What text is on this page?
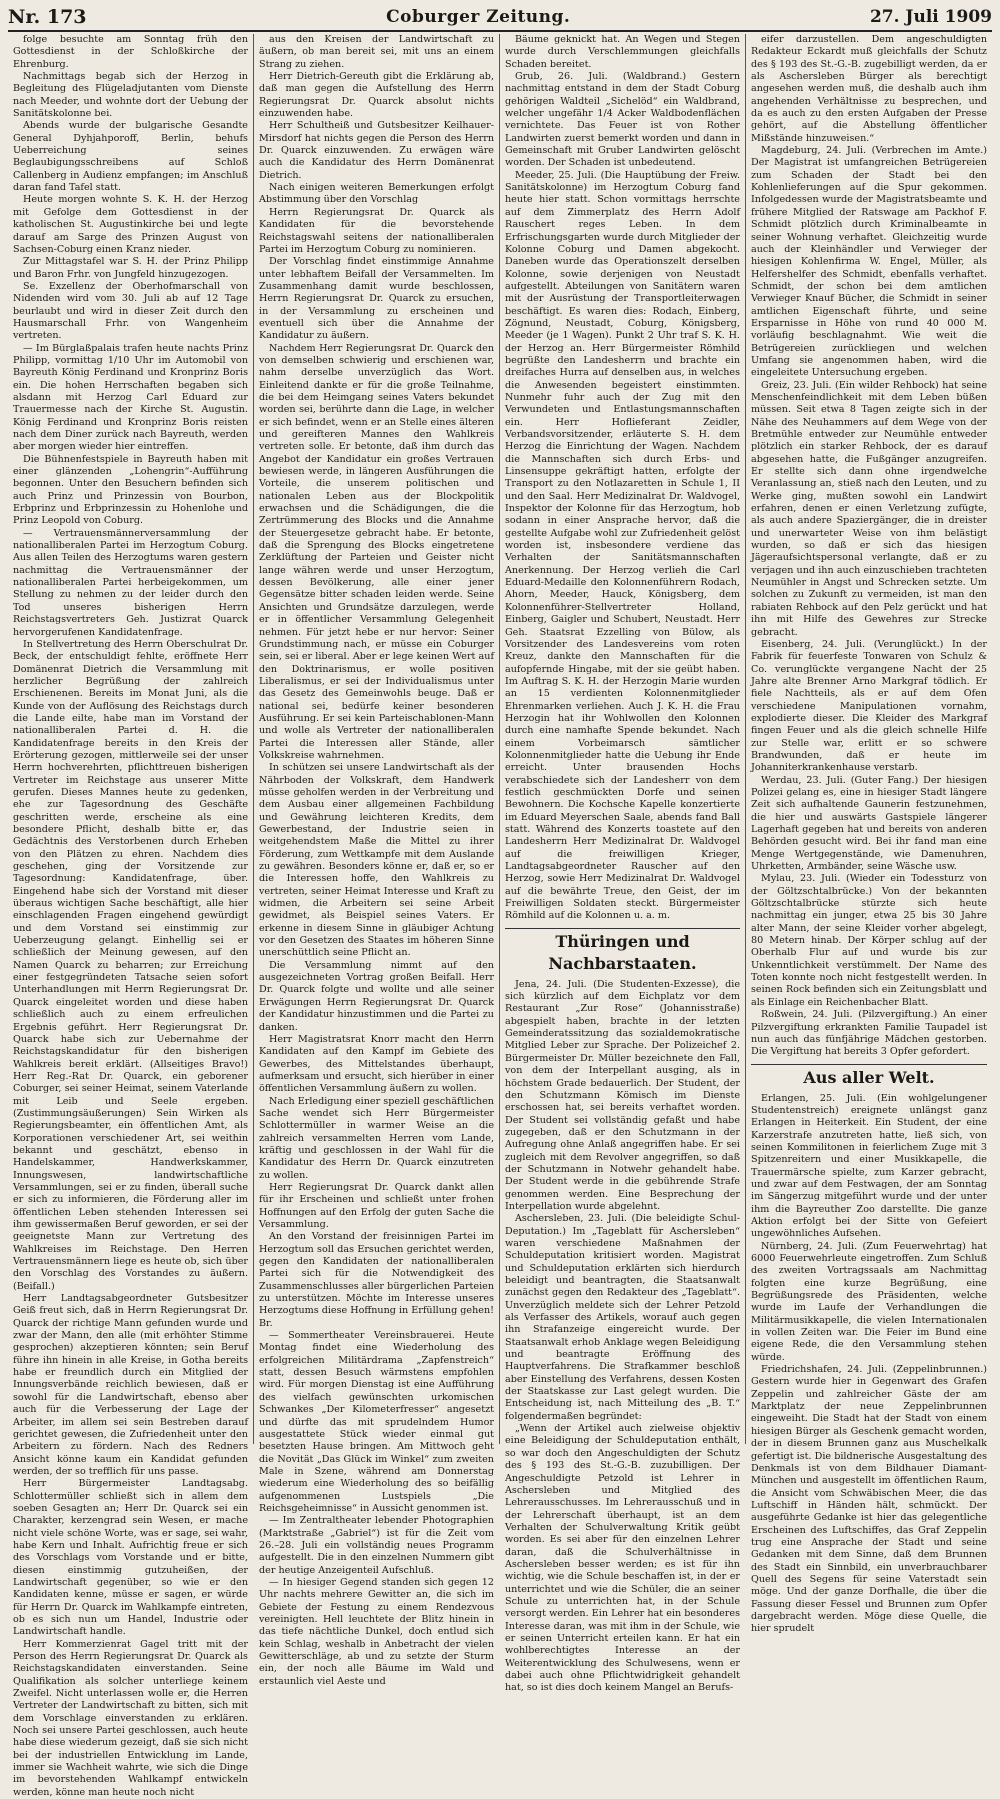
Nr. 173	Coburger Zeitung.	27. Juli 1909

folge besuchte am Sonntag früh den Gottesdienst in der Schloßkirche der Ehrenburg.

Nachmittags begab sich der Herzog in Begleitung des Flügeladjutanten vom Dienste nach Meeder, und wohnte dort der Uebung der Sanitätskolonne bei.

Abends wurde der bulgarische Gesandte General Dyhjahporoff, Berlin, behufs Ueberreichung seines Beglaubigungsschreibens auf Schloß Callenberg in Audienz empfangen; im Anschluß daran fand Tafel statt.

Heute morgen wohnte S. K. H. der Herzog mit Gefolge dem Gottesdienst in der katholischen St. Augustinkirche bei und legte darauf am Sarge des Prinzen August von Sachsen-Coburg einen Kranz nieder.

Zur Mittagstafel war S. H. der Prinz Philipp und Baron Frhr. von Jungfeld hinzugezogen.

Se. Exzellenz der Oberhofmarschall von Nidenden wird vom 30. Juli ab auf 12 Tage beurlaubt und wird in dieser Zeit durch den Hausmarschall Frhr. von Wangenheim vertreten.

— Im Bürglaßpalais trafen heute nachts Prinz Philipp, vormittag 1/10 Uhr im Automobil von Bayreuth König Ferdinand und Kronprinz Boris ein. Die hohen Herrschaften begaben sich alsdann mit Herzog Carl Eduard zur Trauermesse nach der Kirche St. Augustin. König Ferdinand und Kronprinz Boris reisten nach dem Diner zurück nach Bayreuth, werden aber morgen wieder hier eintreffen.

Die Bühnenfestspiele in Bayreuth haben mit einer glänzenden „Lohengrin“-Aufführung begonnen. Unter den Besuchern befinden sich auch Prinz und Prinzessin von Bourbon, Erbprinz und Erbprinzessin zu Hohenlohe und Prinz Leopold von Coburg.

— Vertrauensmännerversammlung der nationalliberalen Partei im Herzogtum Coburg. Aus allen Teilen des Herzogtums waren gestern nachmittag die Vertrauensmänner der nationalliberalen Partei herbeigekommen, um Stellung zu nehmen zu der leider durch den Tod unseres bisherigen Herrn Reichstagsvertreters Geh. Justizrat Quarck hervorgerufenen Kandidatenfrage.

In Stellvertretung des Herrn Oberschulrat Dr. Beck, der entschuldigt fehlte, eröffnete Herr Domänenrat Dietrich die Versammlung mit herzlicher Begrüßung der zahlreich Erschienenen. Bereits im Monat Juni, als die Kunde von der Auflösung des Reichstags durch die Lande eilte, habe man im Vorstand der nationalliberalen Partei d. H. die Kandidatenfrage bereits in den Kreis der Erörterung gezogen, mittlerweile sei der unser Herrn hochverehrten, pflichttreuen bisherigen Vertreter im Reichstage aus unserer Mitte gerufen. Dieses Mannes heute zu gedenken, ehe zur Tagesordnung des Geschäfte geschritten werde, erscheine als eine besondere Pflicht, deshalb bitte er, das Gedächtnis des Verstorbenen durch Erheben von den Plätzen zu ehren. Nachdem dies geschehen, ging der Vorsitzende zur Tagesordnung: Kandidatenfrage, über. Eingehend habe sich der Vorstand mit dieser überaus wichtigen Sache beschäftigt, alle hier einschlagenden Fragen eingehend gewürdigt und dem Vorstand sei einstimmig zur Ueberzeugung gelangt. Einhellig sei er schließlich der Meinung gewesen, auf den Namen Quarck zu beharren; zur Erreichung einer festgegründeten Tatsache seien sofort Unterhandlungen mit Herrn Regierungsrat Dr. Quarck eingeleitet worden und diese haben schließlich auch zu einem erfreulichen Ergebnis geführt. Herr Regierungsrat Dr. Quarck habe sich zur Uebernahme der Reichstagskandidatur für den bisherigen Wahlkreis bereit erklärt. (Allseitiges Bravo!) Herr Reg.-Rat Dr. Quarck, ein geborener Coburger, sei seiner Heimat, seinem Vaterlande mit Leib und Seele ergeben. (Zustimmungsäußerungen) Sein Wirken als Regierungsbeamter, ein öffentlichen Amt, als Korporationen verschiedener Art, sei weithin bekannt und geschätzt, ebenso in Handelskammer, Handwerkskammer, Innungswesen, landwirtschaftliche Versammlungen, sei er zu finden, überall suche er sich zu informieren, die Förderung aller im öffentlichen Leben stehenden Interessen sei ihm gewissermaßen Beruf geworden, er sei der geeignetste Mann zur Vertretung des Wahlkreises im Reichstage. Den Herren Vertrauensmännern liege es heute ob, sich über den Vorschlag des Vorstandes zu äußern. (Beifall.)

Herr Landtagsabgeordneter Gutsbesitzer Geiß freut sich, daß in Herrn Regierungsrat Dr. Quarck der richtige Mann gefunden wurde und zwar der Mann, den alle (mit erhöhter Stimme gesprochen) akzeptieren könnten; sein Beruf führe ihn hinein in alle Kreise, in Gotha bereits habe er freundlich durch ein Mitglied der Innungsverbände reichlich bewiesen, daß er sowohl für die Landwirtschaft, ebenso aber auch für die Verbesserung der Lage der Arbeiter, im allem sei sein Bestreben darauf gerichtet gewesen, die Zufriedenheit unter den Arbeitern zu fördern. Nach des Redners Ansicht könne kaum ein Kandidat gefunden werden, der so trefflich für uns passe.

Herr Bürgermeister Landtagsabg. Schlottermüller schließt sich in allem dem soeben Gesagten an; Herr Dr. Quarck sei ein Charakter, kerzengrad sein Wesen, er mache nicht viele schöne Worte, was er sage, sei wahr, habe Kern und Inhalt. Aufrichtig freue er sich des Vorschlags vom Vorstande und er bitte, diesen einstimmig gutzuheißen, der Landwirtschaft gegenüber, so wie er den Kandidaten kenne, müsse er sagen, er würde für Herrn Dr. Quarck im Wahlkampfe eintreten, ob es sich nun um Handel, Industrie oder Landwirtschaft handle.

Herr Kommerzienrat Gagel tritt mit der Person des Herrn Regierungsrat Dr. Quarck als Reichstagskandidaten einverstanden. Seine Qualifikation als solcher unterliege keinem Zweifel. Nicht unterlassen wolle er, die Herren Vertreter der Landwirtschaft zu bitten, sich mit dem Vorschlage einverstanden zu erklären. Noch sei unsere Partei geschlossen, auch heute habe diese wiederum gezeigt, daß sie sich nicht bei der industriellen Entwicklung im Lande, immer sie Wachheit wahrte, wie sich die Dinge im bevorstehenden Wahlkampf entwickeln werden, könne man heute noch nicht

aus den Kreisen der Landwirtschaft zu äußern, ob man bereit sei, mit uns an einem Strang zu ziehen.

Herr Dietrich-Gereuth gibt die Erklärung ab, daß man gegen die Aufstellung des Herrn Regierungsrat Dr. Quarck absolut nichts einzuwenden habe.

Herr Schultheiß und Gutsbesitzer Keilhauer-Mirsdorf hat nichts gegen die Person des Herrn Dr. Quarck einzuwenden. Zu erwägen wäre auch die Kandidatur des Herrn Domänenrat Dietrich.

Nach einigen weiteren Bemerkungen erfolgt Abstimmung über den Vorschlag

Herrn Regierungsrat Dr. Quarck als Kandidaten für die bevorstehende Reichstagswahl seitens der nationalliberalen Partei im Herzogtum Coburg zu nominieren.

Der Vorschlag findet einstimmige Annahme unter lebhaftem Beifall der Versammelten. Im Zusammenhang damit wurde beschlossen, Herrn Regierungsrat Dr. Quarck zu ersuchen, in der Versammlung zu erscheinen und eventuell sich über die Annahme der Kandidatur zu äußern.

Nachdem Herr Regierungsrat Dr. Quarck den von demselben schwierig und erschienen war, nahm derselbe unverzüglich das Wort. Einleitend dankte er für die große Teilnahme, die bei dem Heimgang seines Vaters bekundet worden sei, berührte dann die Lage, in welcher er sich befindet, wenn er an Stelle eines älteren und gereifteren Mannes den Wahlkreis vertreten solle. Er betonte, daß ihm durch das Angebot der Kandidatur ein großes Vertrauen bewiesen werde, in längeren Ausführungen die Vorteile, die unserem politischen und nationalen Leben aus der Blockpolitik erwachsen und die Schädigungen, die die Zertrümmerung des Blocks und die Annahme der Steuergesetze gebracht habe. Er betonte, daß die Sprengung des Blocks eingetretene Zerklüftung der Parteien und Geister nicht lange währen werde und unser Herzogtum, dessen Bevölkerung, alle einer jener Gegensätze bitter schaden leiden werde. Seine Ansichten und Grundsätze darzulegen, werde er in öffentlicher Versammlung Gelegenheit nehmen. Für jetzt hebe er nur hervor: Seiner Grundstimmung nach, er müsse ein Coburger sein, sei er liberal. Aber er lege keinen Wert auf den Doktrinarismus, er wolle positiven Liberalismus, er sei der Individualismus unter das Gesetz des Gemeinwohls beuge. Daß er national sei, bedürfe keiner besonderen Ausführung. Er sei kein Parteischablonen-Mann und wolle als Vertreter der nationalliberalen Partei die Interessen aller Stände, aller Volkskreise wahrnehmen.

In schützen sei unsere Landwirtschaft als der Nährboden der Volkskraft, dem Handwerk müsse geholfen werden in der Verbreitung und dem Ausbau einer allgemeinen Fachbildung und Gewährung leichteren Kredits, dem Gewerbestand, der Industrie seien in weitgehendstem Maße die Mittel zu ihrer Förderung, zum Wettkampfe mit dem Auslande zu gewähren. Besonders könne er, daß er, so er die Interessen hoffe, den Wahlkreis zu vertreten, seiner Heimat Interesse und Kraft zu widmen, die Arbeitern sei seine Arbeit gewidmet, als Beispiel seines Vaters. Er erkenne in diesem Sinne in gläubiger Achtung vor den Gesetzen des Staates im höheren Sinne unerschüttlich seine Pflicht an.

Die Versammlung nimmt auf den ausgezeichneten Vortrag großen Beifall. Herr Dr. Quarck folgte und wollte und alle seiner Erwägungen Herrn Regierungsrat Dr. Quarck der Kandidatur hinzustimmen und die Partei zu danken.

Herr Magistratsrat Knorr macht den Herrn Kandidaten auf den Kampf im Gebiete des Gewerbes, des Mittelstandes überhaupt, aufmerksam und ersucht, sich hierüber in einer öffentlichen Versammlung äußern zu wollen.

Nach Erledigung einer speziell geschäftlichen Sache wendet sich Herr Bürgermeister Schlottermüller in warmer Weise an die zahlreich versammelten Herren vom Lande, kräftig und geschlossen in der Wahl für die Kandidatur des Herrn Dr. Quarck einzutreten zu wollen.

Herr Regierungsrat Dr. Quarck dankt allen für ihr Erscheinen und schließt unter frohen Hoffnungen auf den Erfolg der guten Sache die Versammlung.

An den Vorstand der freisinnigen Partei im Herzogtum soll das Ersuchen gerichtet werden, gegen den Kandidaten der nationalliberalen Partei sich für die Notwendigkeit des Zusammenschlusses aller bürgerlichen Parteien zu unterstützen. Möchte im Interesse unseres Herzogtums diese Hoffnung in Erfüllung gehen! Br.

— Sommertheater Vereinsbrauerei. Heute Montag findet eine Wiederholung des erfolgreichen Militärdrama „Zapfenstreich“ statt, dessen Besuch wärmstens empfohlen wird. Für morgen Dienstag ist eine Aufführung des vielfach gewünschten urkomischen Schwankes „Der Kilometerfresser“ angesetzt und dürfte das mit sprudelndem Humor ausgestattete Stück wieder einmal gut besetzten Hause bringen. Am Mittwoch geht die Novität „Das Glück im Winkel“ zum zweiten Male in Szene, während am Donnerstag wiederum eine Wiederholung des so beifällig aufgenommenen Lustspiels „Die Reichsgeheimnisse“ in Aussicht genommen ist.

— Im Zentraltheater lebender Photographien (Marktstraße „Gabriel“) ist für die Zeit vom 26.–28. Juli ein vollständig neues Programm aufgestellt. Die in den einzelnen Nummern gibt der heutige Anzeigenteil Aufschluß.

— In hiesiger Gegend standen sich gegen 12 Uhr nachts mehrere Gewitter an, die sich im Gebiete der Festung zu einem Rendezvous vereinigten. Hell leuchtete der Blitz hinein in das tiefe nächtliche Dunkel, doch entlud sich kein Schlag, weshalb in Anbetracht der vielen Gewitterschläge, ab und zu setzte der Sturm ein, der noch alle Bäume im Wald und erstaunlich viel Aeste und

Bäume geknickt hat. An Wegen und Stegen wurde durch Verschlemmungen gleichfalls Schaden bereitet.

Grub, 26. Juli. (Waldbrand.) Gestern nachmittag entstand in dem der Stadt Coburg gehörigen Waldteil „Sichelöd“ ein Waldbrand, welcher ungefähr 1/4 Acker Waldbodenflächen vernichtete. Das Feuer ist von Rother Landwirten zuerst bemerkt worden und dann in Gemeinschaft mit Gruber Landwirten gelöscht worden. Der Schaden ist unbedeutend.

Meeder, 25. Juli. (Die Hauptübung der Freiw. Sanitätskolonne) im Herzogtum Coburg fand heute hier statt. Schon vormittags herrschte auf dem Zimmerplatz des Herrn Adolf Rauschert reges Leben. In dem Erfrischungsgarten wurde durch Mitglieder der Kolonne Coburg und Damen abgekocht. Daneben wurde das Operationszelt derselben Kolonne, sowie derjenigen von Neustadt aufgestellt. Abteilungen von Sanitätern waren mit der Ausrüstung der Transportleiterwagen beschäftigt. Es waren dies: Rodach, Einberg, Zögnund, Neustadt, Coburg, Königsberg, Meeder (je 1 Wagen). Punkt 2 Uhr traf S. K. H. der Herzog an. Herr Bürgermeister Römhild begrüßte den Landesherrn und brachte ein dreifaches Hurra auf denselben aus, in welches die Anwesenden begeistert einstimmten. Nunmehr fuhr auch der Zug mit den Verwundeten und Entlastungsmannschaften ein. Herr Hoflieferant Zeidler, Verbandsvorsitzender, erläuterte S. H. dem Herzog die Einrichtung der Wagen. Nachdem die Mannschaften sich durch Erbs- und Linsensuppe gekräftigt hatten, erfolgte der Transport zu den Notlazaretten in Schule 1, II und den Saal. Herr Medizinalrat Dr. Waldvogel, Inspektor der Kolonne für das Herzogtum, hob sodann in einer Ansprache hervor, daß die gestellte Aufgabe wohl zur Zufriedenheit gelöst worden ist, insbesondere verdiene das Verhalten der Sanitätsmannschaften Anerkennung. Der Herzog verlieh die Carl Eduard-Medaille den Kolonnenführern Rodach, Ahorn, Meeder, Hauck, Königsberg, dem Kolonnenführer-Stellvertreter Holland, Einberg, Gaigler und Schubert, Neustadt. Herr Geh. Staatsrat Ezzelling von Bülow, als Vorsitzender des Landesvereins vom roten Kreuz, dankte den Mannschaften für die aufopfernde Hingabe, mit der sie geübt haben. Im Auftrag S. K. H. der Herzogin Marie wurden an 15 verdienten Kolonnenmitglieder Ehrenmarken verliehen. Auch J. K. H. die Frau Herzogin hat ihr Wohlwollen den Kolonnen durch eine namhafte Spende bekundet. Nach einem Vorbeimarsch sämtlicher Kolonnenmitglieder hatte die Uebung ihr Ende erreicht. Unter brausenden Hochs verabschiedete sich der Landesherr von dem festlich geschmückten Dorfe und seinen Bewohnern. Die Kochsche Kapelle konzertierte im Eduard Meyerschen Saale, abends fand Ball statt. Während des Konzerts toastete auf den Landesherrn Herr Medizinalrat Dr. Waldvogel auf die freiwilligen Krieger, Landtagsabgeordneter Rauscher auf den Herzog, sowie Herr Medizinalrat Dr. Waldvogel auf die bewährte Treue, den Geist, der im Freiwilligen Soldaten steckt. Bürgermeister Römhild auf die Kolonnen u. a. m.

Thüringen und Nachbarstaaten.

Jena, 24. Juli. (Die Studenten-Exzesse), die sich kürzlich auf dem Eichplatz vor dem Restaurant „Zur Rose“ (Johannisstraße) abgespielt haben, brachte in der letzten Gemeinderatssitzung das sozialdemokratische Mitglied Leber zur Sprache. Der Polizeichef 2. Bürgermeister Dr. Müller bezeichnete den Fall, von dem der Interpellant ausging, als in höchstem Grade bedauerlich. Der Student, der den Schutzmann Kömisch im Dienste erschossen hat, sei bereits verhaftet worden. Der Student sei vollständig gefaßt und habe zugegeben, daß er den Schutzmann in der Aufregung ohne Anlaß angegriffen habe. Er sei zugleich mit dem Revolver angegriffen, so daß der Schutzmann in Notwehr gehandelt habe. Der Student werde in die gebührende Strafe genommen werden. Eine Besprechung der Interpellation wurde abgelehnt.

Aschersleben, 23. Juli. (Die beleidigte Schul-Deputation.) Im „Tageblatt für Aschersleben“ waren verschiedene Maßnahmen der Schuldeputation kritisiert worden. Magistrat und Schuldeputation erklärten sich hierdurch beleidigt und beantragten, die Staatsanwalt zunächst gegen den Redakteur des „Tageblatt“. Unverzüglich meldete sich der Lehrer Petzold als Verfasser des Artikels, worauf auch gegen ihn Strafanzeige eingereicht wurde. Der Staatsanwalt erhob Anklage wegen Beleidigung und beantragte Eröffnung des Hauptverfahrens. Die Strafkammer beschloß aber Einstellung des Verfahrens, dessen Kosten der Staatskasse zur Last gelegt wurden. Die Entscheidung ist, nach Mitteilung des „B. T.“ folgendermaßen begründet:

„Wenn der Artikel auch zielweise objektiv eine Beleidigung der Schuldeputation enthält, so war doch den Angeschuldigten der Schutz des § 193 des St.-G.-B. zuzubilligen. Der Angeschuldigte Petzold ist Lehrer in Aschersleben und Mitglied des Lehrerausschusses. Im Lehrerausschuß und in der Lehrerschaft überhaupt, ist an dem Verhalten der Schulverwaltung Kritik geübt worden. Es sei aber für den einzelnen Lehrer daran, daß die Schulverhältnisse in Aschersleben besser werden; es ist für ihn wichtig, wie die Schule beschaffen ist, in der er unterrichtet und wie die Schüler, die an seiner Schule zu unterrichten hat, in der Schule versorgt werden. Ein Lehrer hat ein besonderes Interesse daran, was mit ihm in der Schule, wie er seinen Unterricht erteilen kann. Er hat ein wohlberechtigtes Interesse an der Weiterentwicklung des Schulwesens, wenn er dabei auch ohne Pflichtwidrigkeit gehandelt hat, so ist dies doch keinem Mangel an Berufs-

eifer darzustellen. Dem angeschuldigten Redakteur Eckardt muß gleichfalls der Schutz des § 193 des St.-G.-B. zugebilligt werden, da er als Aschersleben Bürger als berechtigt angesehen werden muß, die deshalb auch ihm angehenden Verhältnisse zu besprechen, und da es auch zu den ersten Aufgaben der Presse gehört, auf die Abstellung öffentlicher Mißstände hinzuweisen.“

Magdeburg, 24. Juli. (Verbrechen im Amte.) Der Magistrat ist umfangreichen Betrügereien zum Schaden der Stadt bei den Kohlenlieferungen auf die Spur gekommen. Infolgedessen wurde der Magistratsbeamte und frühere Mitglied der Ratswage am Packhof F. Schmidt plötzlich durch Kriminalbeamte in seiner Wohnung verhaftet. Gleichzeitig wurde auch der Kleinhändler und Verwieger der hiesigen Kohlenfirma W. Engel, Müller, als Helfershelfer des Schmidt, ebenfalls verhaftet. Schmidt, der schon bei dem amtlichen Verwieger Knauf Bücher, die Schmidt in seiner amtlichen Eigenschaft führte, und seine Ersparnisse in Höhe von rund 40 000 M. vorläufig beschlagnahmt. Wie weit die Betrügereien zurückliegen und welchen Umfang sie angenommen haben, wird die eingeleitete Untersuchung ergeben.

Greiz, 23. Juli. (Ein wilder Rehbock) hat seine Menschenfeindlichkeit mit dem Leben büßen müssen. Seit etwa 8 Tagen zeigte sich in der Nähe des Neuhammers auf dem Wege von der Bretmühle entweder zur Neumühle entweder plötzlich ein starker Rehbock, der es darauf abgesehen hatte, die Fußgänger anzugreifen. Er stellte sich dann ohne irgendwelche Veranlassung an, stieß nach den Leuten, und zu Werke ging, mußten sowohl ein Landwirt erfahren, denen er einen Verletzung zufügte, als auch andere Spaziergänger, die in dreister und unerwarteter Weise von ihm belästigt wurden, so daß er sich das hiesigen Jägeraufsichtspersonal verlangte, daß er zu verjagen und ihn auch einzuschieben trachteten Neumühler in Angst und Schrecken setzte. Um solchen zu Zukunft zu vermeiden, ist man den rabiaten Rehbock auf den Pelz gerückt und hat ihn mit Hilfe des Gewehres zur Strecke gebracht.

Eisenberg, 24. Juli. (Verunglückt.) In der Fabrik für feuerfeste Tonwaren von Schulz & Co. verunglückte vergangene Nacht der 25 Jahre alte Brenner Arno Markgraf tödlich. Er fiele Nachtteils, als er auf dem Ofen verschiedene Manipulationen vornahm, explodierte dieser. Die Kleider des Markgraf fingen Feuer und als die gleich schnelle Hilfe zur Stelle war, erlitt er so schwere Brandwunden, daß er heute im Johanniterkrankenhause verstarb.

Werdau, 23. Juli. (Guter Fang.) Der hiesigen Polizei gelang es, eine in hiesiger Stadt längere Zeit sich aufhaltende Gaunerin festzunehmen, die hier und auswärts Gastspiele längerer Lagerhaft gegeben hat und bereits von anderen Behörden gesucht wird. Bei ihr fand man eine Menge Wertgegenstände, wie Damenuhren, Uhrketten, Armbänder, seine Wäsche usw.

Mylau, 23. Juli. (Wieder ein Todessturz von der Göltzschtalbrücke.) Von der bekannten Göltzschtalbrücke stürzte sich heute nachmittag ein junger, etwa 25 bis 30 Jahre alter Mann, der seine Kleider vorher abgelegt, 80 Metern hinab. Der Körper schlug auf der Oberhalb Flur auf und wurde bis zur Unkenntlichkeit verstümmelt. Der Name des Toten konnte noch nicht festgestellt werden. In seinen Rock befinden sich ein Zeitungsblatt und als Einlage ein Reichenbacher Blatt.

Roßwein, 24. Juli. (Pilzvergiftung.) An einer Pilzvergiftung erkrankten Familie Taupadel ist nun auch das fünfjährige Mädchen gestorben. Die Vergiftung hat bereits 3 Opfer gefordert.

Aus aller Welt.

Erlangen, 25. Juli. (Ein wohlgelungener Studentenstreich) ereignete unlängst ganz Erlangen in Heiterkeit. Ein Student, der eine Karzerstrafe anzutreten hatte, ließ sich, von seinen Kommilitonen in feierlichem Zuge mit 3 Spitzenreitern und einer Musikkapelle, die Trauermärsche spielte, zum Karzer gebracht, und zwar auf dem Festwagen, der am Sonntag im Sängerzug mitgeführt wurde und der unter ihm die Bayreuther Zoo darstellte. Die ganze Aktion erfolgt bei der Sitte von Gefeiert ungewöhnliches Aufsehen.

Nürnberg, 24. Juli. (Zum Feuerwehrtag) hat 6000 Feuerwehrleute eingetroffen. Zum Schluß des zweiten Vortragssaals am Nachmittag folgten eine kurze Begrüßung, eine Begrüßungsrede des Präsidenten, welche wurde im Laufe der Verhandlungen die Militärmusikkapelle, die vielen Internationalen in vollen Zeiten war. Die Feier im Bund eine eigene Rede, die den Versammlung stehen würde.

Friedrichshafen, 24. Juli. (Zeppelinbrunnen.) Gestern wurde hier in Gegenwart des Grafen Zeppelin und zahlreicher Gäste der am Marktplatz der neue Zeppelinbrunnen eingeweiht. Die Stadt hat der Stadt von einem hiesigen Bürger als Geschenk gemacht worden, der in diesem Brunnen ganz aus Muschelkalk gefertigt ist. Die bildnerische Ausgestaltung des Denkmals ist von dem Bildhauer Diamant-München und ausgestellt im öffentlichen Raum, die Ansicht vom Schwäbischen Meer, die das Luftschiff in Händen hält, schmückt. Der ausgeführte Gedanke ist hier das gelegentliche Erscheinen des Luftschiffes, das Graf Zeppelin trug eine Ansprache der Stadt und seine Gedanken mit dem Sinne, daß dem Brunnen des Stadt ein Sinnbild, ein unverbrauchbarer Quell des Segens für seine Vaterstadt sein möge. Und der ganze Dorfhalle, die über die Fassung dieser Fessel und Brunnen zum Opfer dargebracht werden. Möge diese Quelle, die hier sprudelt
